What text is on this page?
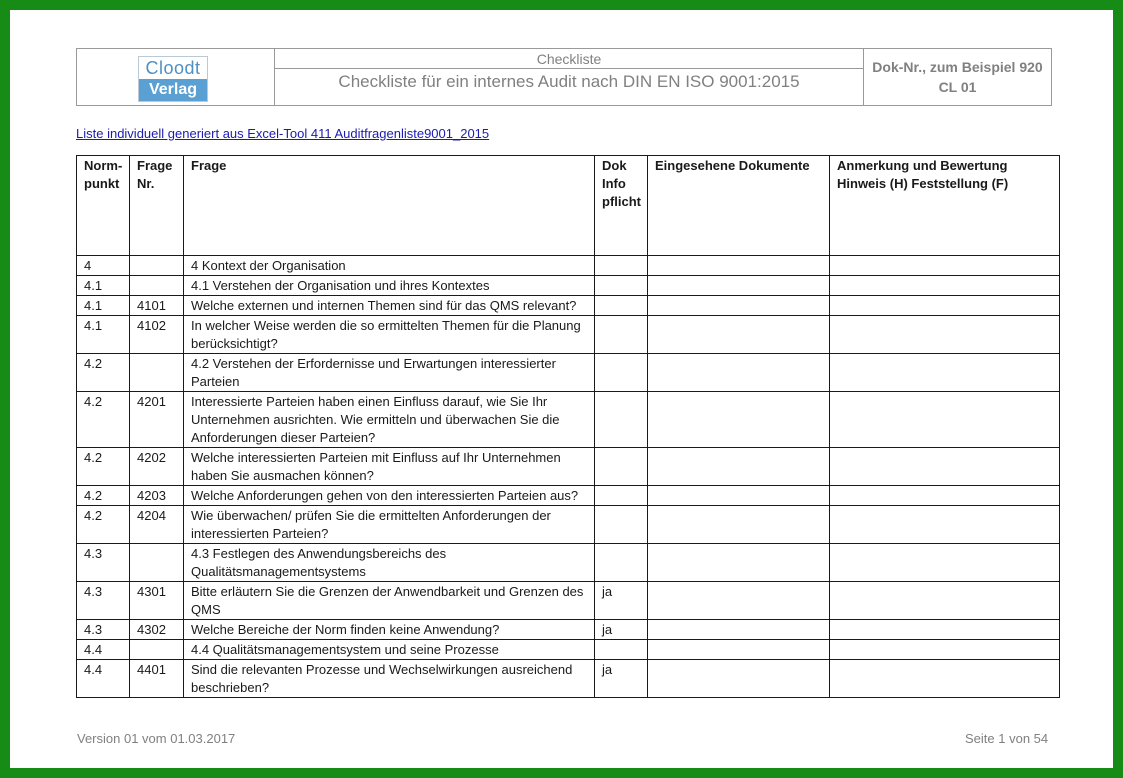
Cloodt
Verlag
Checkliste
Checkliste für ein internes Audit nach DIN EN ISO 9001:2015
Dok-Nr., zum Beispiel 920
CL 01
Liste individuell generiert aus Excel-Tool 411 Auditfragenliste9001_2015
Norm-punkt	Frage Nr.	Frage	Dok Info pflicht	Eingesehene Dokumente	Anmerkung und Bewertung Hinweis (H) Feststellung (F)
4		4 Kontext der Organisation			
4.1		4.1 Verstehen der Organisation und ihres Kontextes			
4.1	4101	Welche externen und internen Themen sind für das QMS relevant?			
4.1	4102	In welcher Weise werden die so ermittelten Themen für die Planung berücksichtigt?			
4.2		4.2 Verstehen der Erfordernisse und Erwartungen interessierter Parteien			
4.2	4201	Interessierte Parteien haben einen Einfluss darauf, wie Sie Ihr Unternehmen ausrichten. Wie ermitteln und überwachen Sie die Anforderungen dieser Parteien?			
4.2	4202	Welche interessierten Parteien mit Einfluss auf Ihr Unternehmen haben Sie ausmachen können?			
4.2	4203	Welche Anforderungen gehen von den interessierten Parteien aus?			
4.2	4204	Wie überwachen/ prüfen Sie die ermittelten Anforderungen der interessierten Parteien?			
4.3		4.3 Festlegen des Anwendungsbereichs des Qualitätsmanagementsystems			
4.3	4301	Bitte erläutern Sie die Grenzen der Anwendbarkeit und Grenzen des QMS	ja		
4.3	4302	Welche Bereiche der Norm finden keine Anwendung?	ja		
4.4		4.4 Qualitätsmanagementsystem und seine Prozesse			
4.4	4401	Sind die relevanten Prozesse und Wechselwirkungen ausreichend beschrieben?	ja		
Version 01 vom 01.03.2017	Seite 1 von 54
